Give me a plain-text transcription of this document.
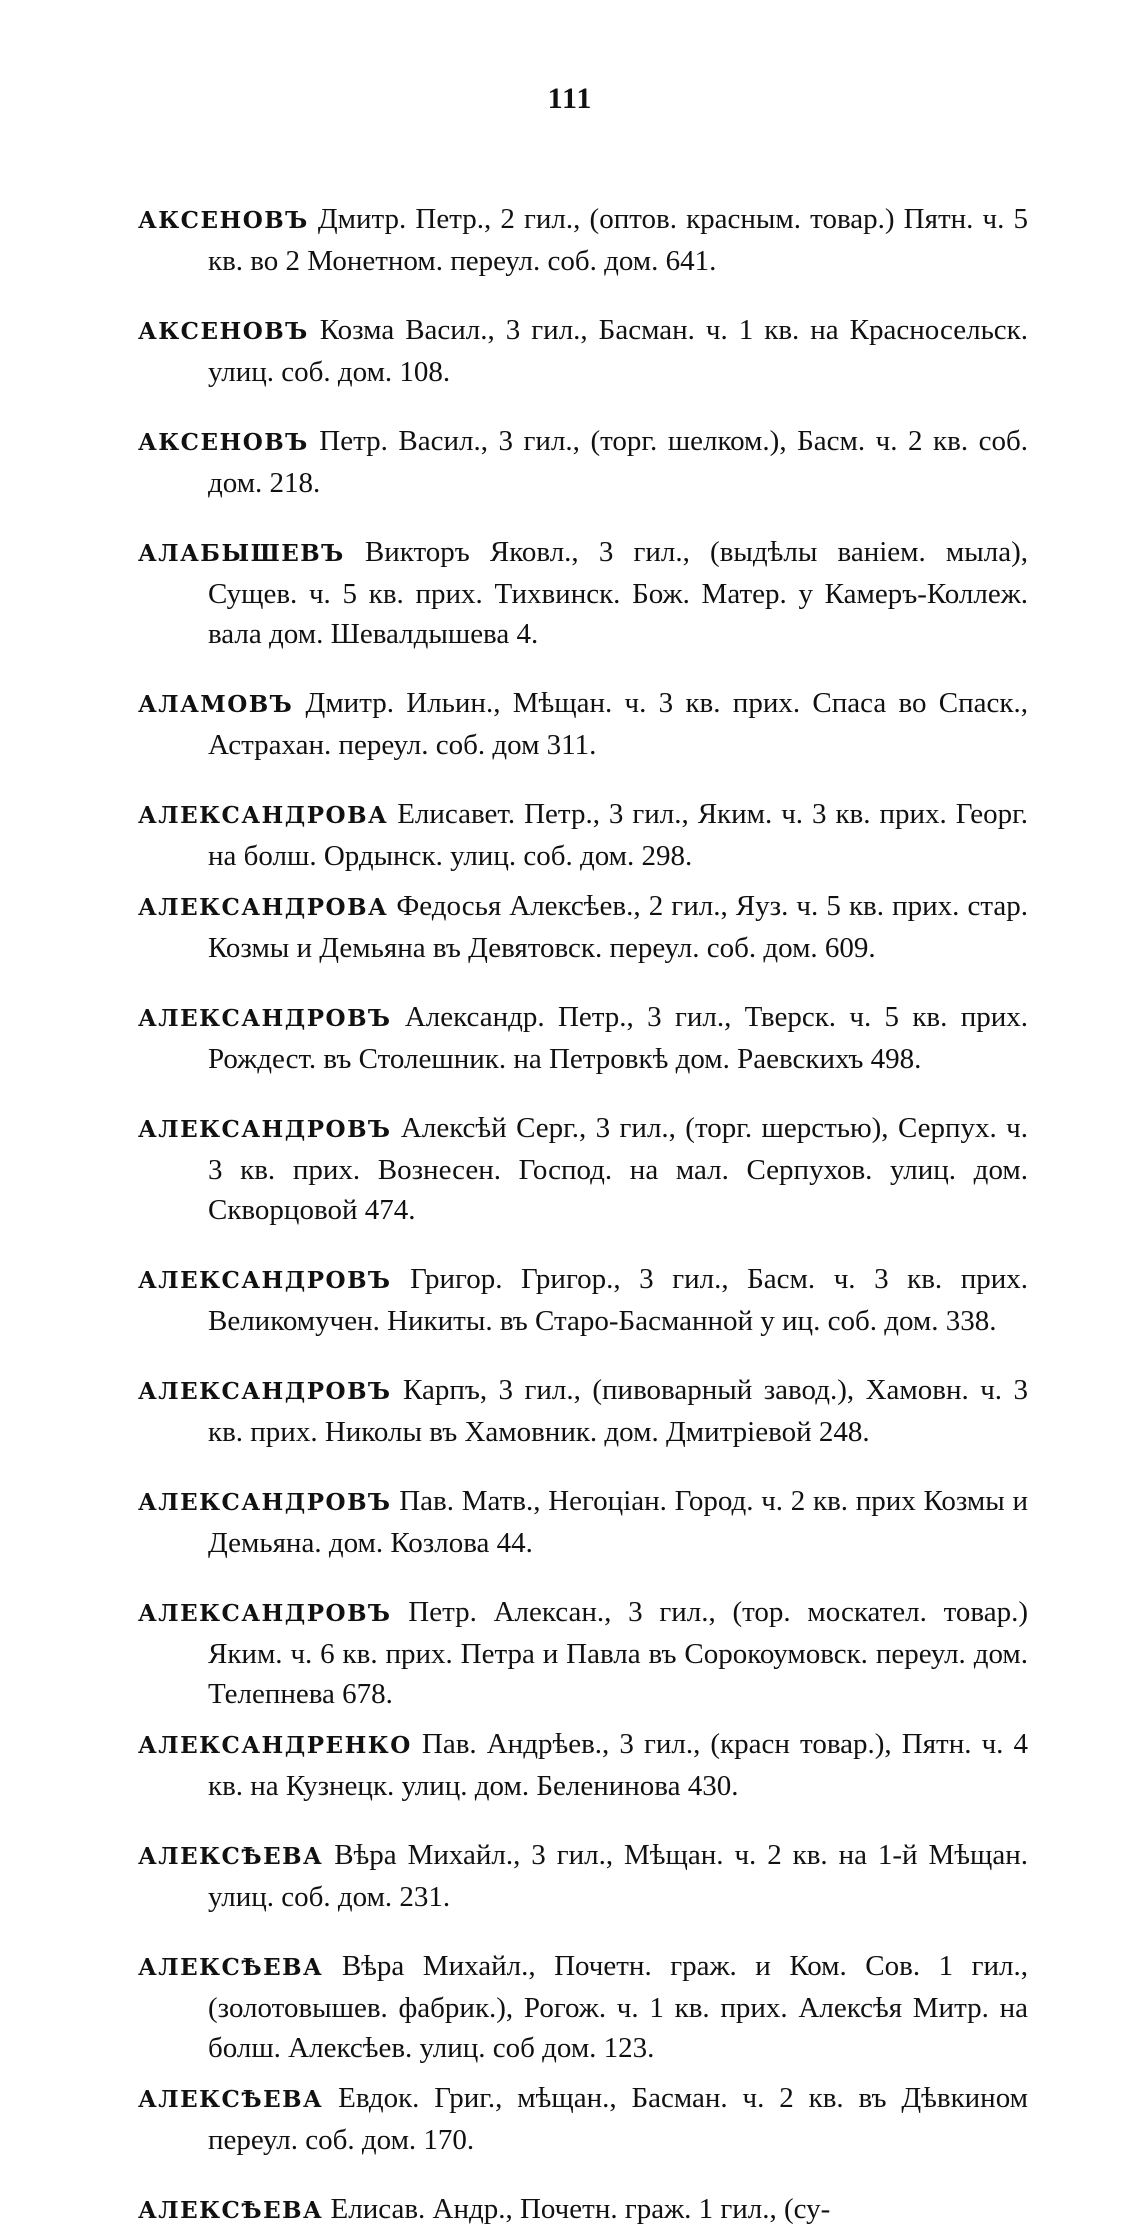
111

АКСЕНОВЪ Дмитр. Петр., 2 гил., (оптов. красным. товар.) Пятн. ч. 5 кв. во 2 Монетном. переул. соб. дом. 641.

АКСЕНОВЪ Козма Васил., 3 гил., Басман. ч. 1 кв. на Красносельск. улиц. соб. дом. 108.

АКСЕНОВЪ Петр. Васил., 3 гил., (торг. шелком.), Басм. ч. 2 кв. соб. дом. 218.

АЛАБЫШЕВЪ Викторъ Яковл., 3 гил., (выдѣлы ваніем. мыла), Сущев. ч. 5 кв. прих. Тихвинск. Бож. Матер. у Камеръ-Коллеж. вала дом. Шевалдышева 4.

АЛАМОВЪ Дмитр. Ильин., Мѣщан. ч. 3 кв. прих. Спаса во Спаск., Астрахан. переул. соб. дом 311.

АЛЕКСАНДРОВА Елисавет. Петр., 3 гил., Яким. ч. 3 кв. прих. Георг. на болш. Ордынск. улиц. соб. дом. 298.

АЛЕКСАНДРОВА Федосья Алексѣев., 2 гил., Яуз. ч. 5 кв. прих. стар. Козмы и Демьяна въ Девятовск. переул. соб. дом. 609.

АЛЕКСАНДРОВЪ Александр. Петр., 3 гил., Тверск. ч. 5 кв. прих. Рождест. въ Столешник. на Петровкѣ дом. Раевскихъ 498.

АЛЕКСАНДРОВЪ Алексѣй Серг., 3 гил., (торг. шерстью), Серпух. ч. 3 кв. прих. Вознесен. Господ. на мал. Серпухов. улиц. дом. Скворцовой 474.

АЛЕКСАНДРОВЪ Григор. Григор., 3 гил., Басм. ч. 3 кв. прих. Великомучен. Никиты. въ Старо-Басманной у иц. соб. дом. 338.

АЛЕКСАНДРОВЪ Карпъ, 3 гил., (пивоварный завод.), Хамовн. ч. 3 кв. прих. Николы въ Хамовник. дом. Дмитріевой 248.

АЛЕКСАНДРОВЪ Пав. Матв., Негоціан. Город. ч. 2 кв. прих Козмы и Демьяна. дом. Козлова 44.

АЛЕКСАНДРОВЪ Петр. Алексан., 3 гил., (тор. москател. товар.) Яким. ч. 6 кв. прих. Петра и Павла въ Сорокоумовск. переул. дом. Телепнева 678.

АЛЕКСАНДРЕНКО Пав. Андрѣев., 3 гил., (красн товар.), Пятн. ч. 4 кв. на Кузнецк. улиц. дом. Беленинова 430.

АЛЕКСѢЕВА Вѣра Михайл., 3 гил., Мѣщан. ч. 2 кв. на 1-й Мѣщан. улиц. соб. дом. 231.

АЛЕКСѢЕВА Вѣра Михайл., Почетн. граж. и Ком. Сов. 1 гил., (золотовышев. фабрик.), Рогож. ч. 1 кв. прих. Алексѣя Митр. на болш. Алексѣев. улиц. соб дом. 123.

АЛЕКСѢЕВА Евдок. Григ., мѣщан., Басман. ч. 2 кв. въ Дѣвкином переул. соб. дом. 170.

АЛЕКСѢЕВА Елисав. Андр., Почетн. граж. 1 гил., (су-
